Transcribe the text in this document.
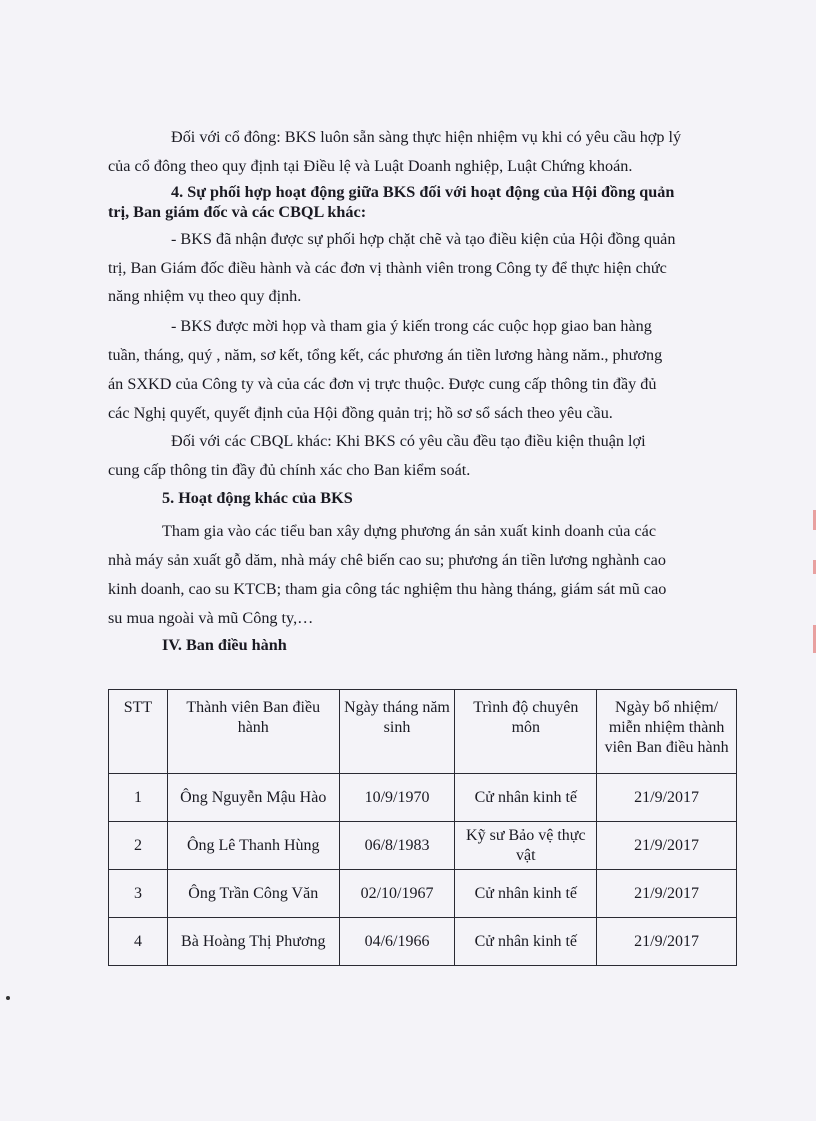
Đối với cổ đông: BKS luôn sẵn sàng thực hiện nhiệm vụ khi có yêu cầu hợp lý
của cổ đông theo quy định tại Điều lệ và Luật Doanh nghiệp, Luật Chứng khoán.
4. Sự phối hợp hoạt động giữa BKS đối với hoạt động của Hội đồng quản
trị, Ban giám đốc và các CBQL khác:
- BKS đã nhận được sự phối hợp chặt chẽ và tạo điều kiện của Hội đồng quản
trị, Ban Giám đốc điều hành và các đơn vị thành viên trong Công ty để thực hiện chức
năng nhiệm vụ theo quy định.
- BKS được mời họp và tham gia ý kiến trong các cuộc họp giao ban hàng
tuần, tháng, quý , năm, sơ kết, tổng kết, các phương án tiền lương hàng năm., phương
án SXKD của Công ty và của các đơn vị trực thuộc. Được cung cấp thông tin đầy đủ
các Nghị quyết, quyết định của Hội đồng quản trị; hồ sơ sổ sách theo yêu cầu.
Đối với các CBQL khác: Khi BKS có yêu cầu đều tạo điều kiện thuận lợi
cung cấp thông tin đầy đủ chính xác cho Ban kiểm soát.
5. Hoạt động khác của BKS
Tham gia vào các tiểu ban xây dựng phương án sản xuất kinh doanh của các
nhà máy sản xuất gỗ dăm, nhà máy chê biến cao su; phương án tiền lương nghành cao
kinh doanh, cao su KTCB; tham gia công tác nghiệm thu hàng tháng, giám sát mũ cao
su mua ngoài và mũ Công ty,…
IV. Ban điều hành
STT	Thành viên Ban điều hành	Ngày tháng năm sinh	Trình độ chuyên môn	Ngày bổ nhiệm/ miễn nhiệm thành viên Ban điều hành
1	Ông Nguyễn Mậu Hào	10/9/1970	Cử nhân kinh tế	21/9/2017
2	Ông Lê Thanh Hùng	06/8/1983	Kỹ sư Bảo vệ thực vật	21/9/2017
3	Ông Trần Công Văn	02/10/1967	Cử nhân kinh tế	21/9/2017
4	Bà Hoàng Thị Phương	04/6/1966	Cử nhân kinh tế	21/9/2017
